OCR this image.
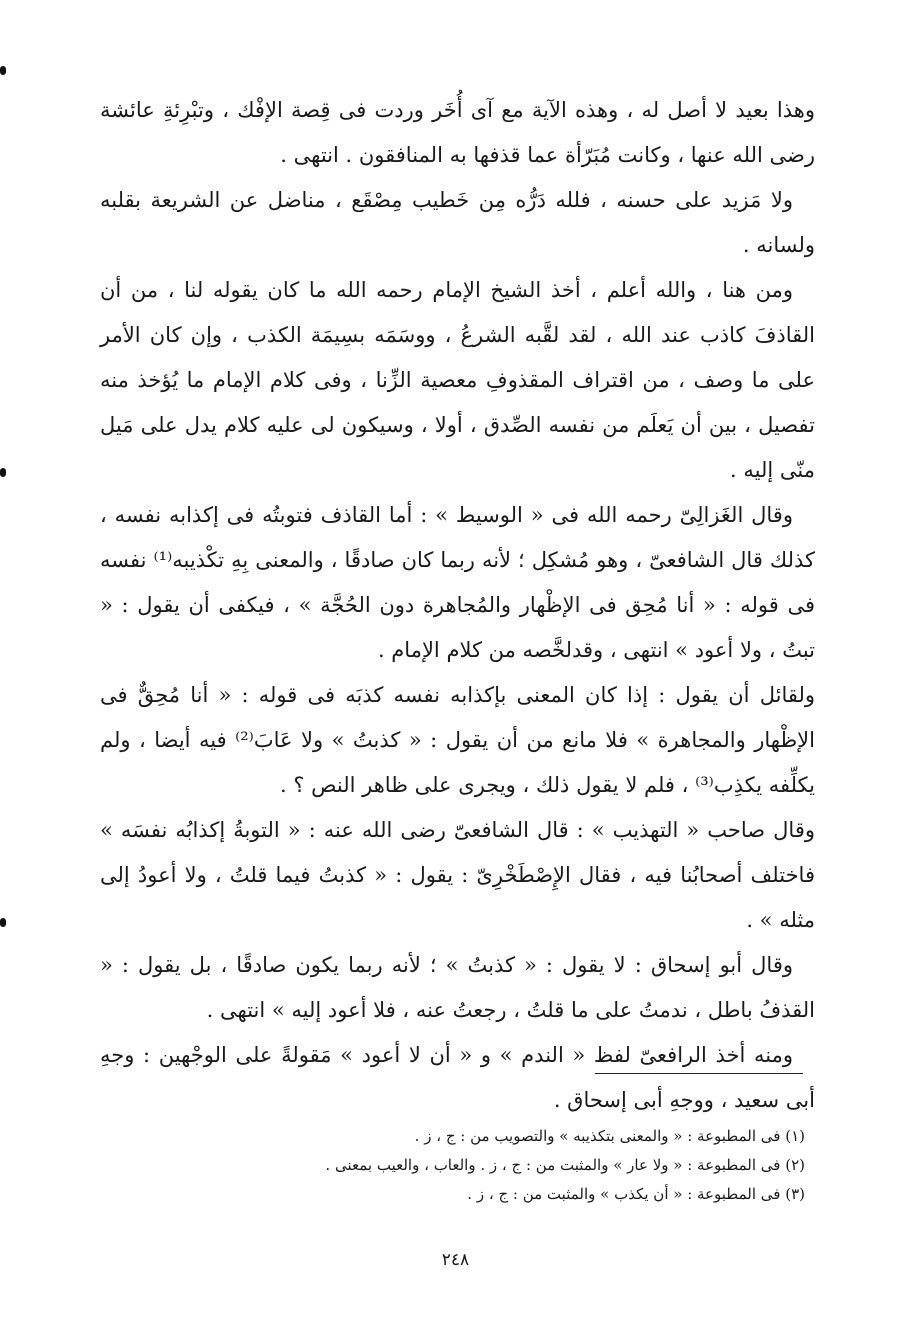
وهذا بعيد لا أصل له ، وهذه الآية مع آى أُخَر وردت فى قِصة الإفْك ، وتبْرِئةِ عائشة رضى الله عنها ، وكانت مُبَرّأة عما قذفها به المنافقون . انتهى .

ولا مَزيد على حسنه ، فلله دَرُّه مِن خَطيب مِصْقَع ، مناضل عن الشريعة بقلبه ولسانه .

ومن هنا ، والله أعلم ، أخذ الشيخ الإمام رحمه الله ما كان يقوله لنا ، من أن القاذفَ كاذب عند الله ، لقد لقَّبه الشرعُ ، ووسَمَه بسِيمَة الكذب ، وإن كان الأمر على ما وصف ، من اقتراف المقذوفِ معصية الزِّنا ، وفى كلام الإمام ما يُؤخذ منه تفصيل ، بين أن يَعلَم من نفسه الصِّدق ، أولا ، وسيكون لى عليه كلام يدل على مَيل منّى إليه .

وقال الغَزالِىّ رحمه الله فى « الوسيط » : أما القاذف فتوبتُه فى إكذابه نفسه ، كذلك قال الشافعىّ ، وهو مُشكِل ؛ لأنه ربما كان صادقًا ، والمعنى بِهِ تكْذيبه⁽¹⁾ نفسه فى قوله : « أنا مُحِق فى الإظْهار والمُجاهرة دون الحُجَّة » ، فيكفى أن يقول : « تبتُ ، ولا أعود » انتهى ، وقدلخَّصه من كلام الإمام .

ولقائل أن يقول : إذا كان المعنى بإكذابه نفسه كذبَه فى قوله : « أنا مُحِقٌّ فى الإظْهار والمجاهرة » فلا مانع من أن يقول : « كذبتُ » ولا عَابَ⁽²⁾ فيه أيضا ، ولم يكلِّفه يكذِب⁽³⁾ ، فلم لا يقول ذلك ، ويجرى على ظاهر النص ؟ .

وقال صاحب « التهذيب » : قال الشافعىّ رضى الله عنه : « التوبةُ إكذابُه نفسَه » فاختلف أصحابُنا فيه ، فقال الإِصْطَخْرِىّ : يقول : « كذبتُ فيما قلتُ ، ولا أعودُ إلى مثله » .

وقال أبو إسحاق : لا يقول : « كذبتُ » ؛ لأنه ربما يكون صادقًا ، بل يقول : « القذفُ باطل ، ندمتُ على ما قلتُ ، رجعتُ عنه ، فلا أعود إليه » انتهى .

ومنه أخذ الرافعىّ لفظ « الندم » و « أن لا أعود » مَقولةً على الوجْهين : وجهِ أبى سعيد ، ووجهِ أبى إسحاق .

(١) فى المطبوعة : « والمعنى بتكذيبه » والتصويب من : ج ، ز .
(٢) فى المطبوعة : « ولا عار » والمثبت من : ج ، ز . والعاب ، والعيب بمعنى .
(٣) فى المطبوعة : « أن يكذب » والمثبت من : ج ، ز .
٢٤٨
